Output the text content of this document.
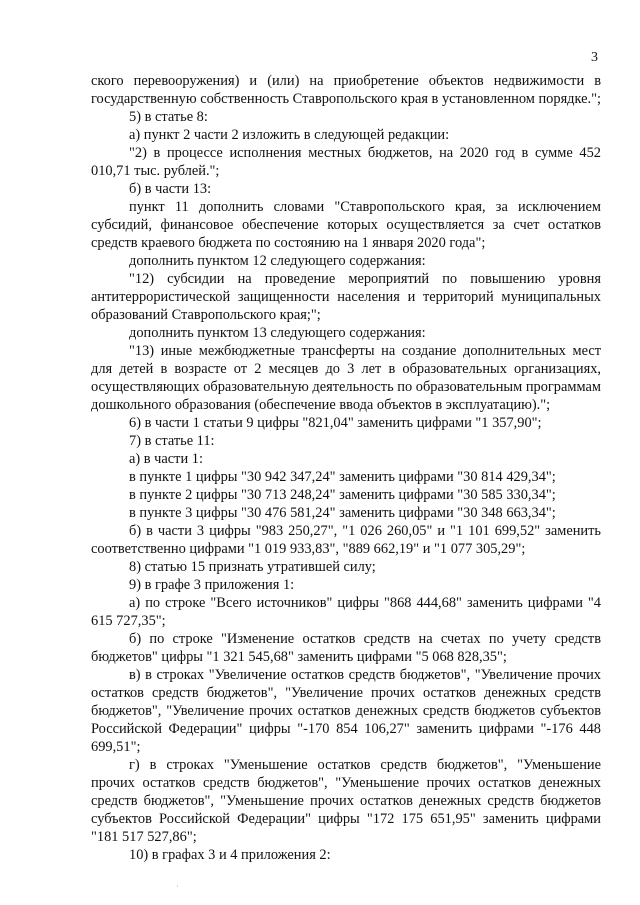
3

ского перевооружения) и (или) на приобретение объектов недвижимости в государственную собственность Ставропольского края в установленном порядке.";

5) в статье 8:

а) пункт 2 части 2 изложить в следующей редакции:

"2) в процессе исполнения местных бюджетов, на 2020 год в сумме 452 010,71 тыс. рублей.";

б) в части 13:

пункт 11 дополнить словами "Ставропольского края, за исключением субсидий, финансовое обеспечение которых осуществляется за счет остатков средств краевого бюджета по состоянию на 1 января 2020 года";

дополнить пунктом 12 следующего содержания:

"12) субсидии на проведение мероприятий по повышению уровня антитеррористической защищенности населения и территорий муниципальных образований Ставропольского края;";

дополнить пунктом 13 следующего содержания:

"13) иные межбюджетные трансферты на создание дополнительных мест для детей в возрасте от 2 месяцев до 3 лет в образовательных организациях, осуществляющих образовательную деятельность по образовательным программам дошкольного образования (обеспечение ввода объектов в эксплуатацию).";

6) в части 1 статьи 9 цифры "821,04" заменить цифрами "1 357,90";

7) в статье 11:

а) в части 1:

в пункте 1 цифры "30 942 347,24" заменить цифрами "30 814 429,34";

в пункте 2 цифры "30 713 248,24" заменить цифрами "30 585 330,34";

в пункте 3 цифры "30 476 581,24" заменить цифрами "30 348 663,34";

б) в части 3 цифры "983 250,27", "1 026 260,05" и "1 101 699,52" заменить соответственно цифрами "1 019 933,83", "889 662,19" и "1 077 305,29";

8) статью 15 признать утратившей силу;

9) в графе 3 приложения 1:

а) по строке "Всего источников" цифры "868 444,68" заменить цифрами "4 615 727,35";

б) по строке "Изменение остатков средств на счетах по учету средств бюджетов" цифры "1 321 545,68" заменить цифрами "5 068 828,35";

в) в строках "Увеличение остатков средств бюджетов", "Увеличение прочих остатков средств бюджетов", "Увеличение прочих остатков денежных средств бюджетов", "Увеличение прочих остатков денежных средств бюджетов субъектов Российской Федерации" цифры "-170 854 106,27" заменить цифрами "-176 448 699,51";

г) в строках "Уменьшение остатков средств бюджетов", "Уменьшение прочих остатков средств бюджетов", "Уменьшение прочих остатков денежных средств бюджетов", "Уменьшение прочих остатков денежных средств бюджетов субъектов Российской Федерации" цифры "172 175 651,95" заменить цифрами "181 517 527,86";

10) в графах 3 и 4 приложения 2:

·
